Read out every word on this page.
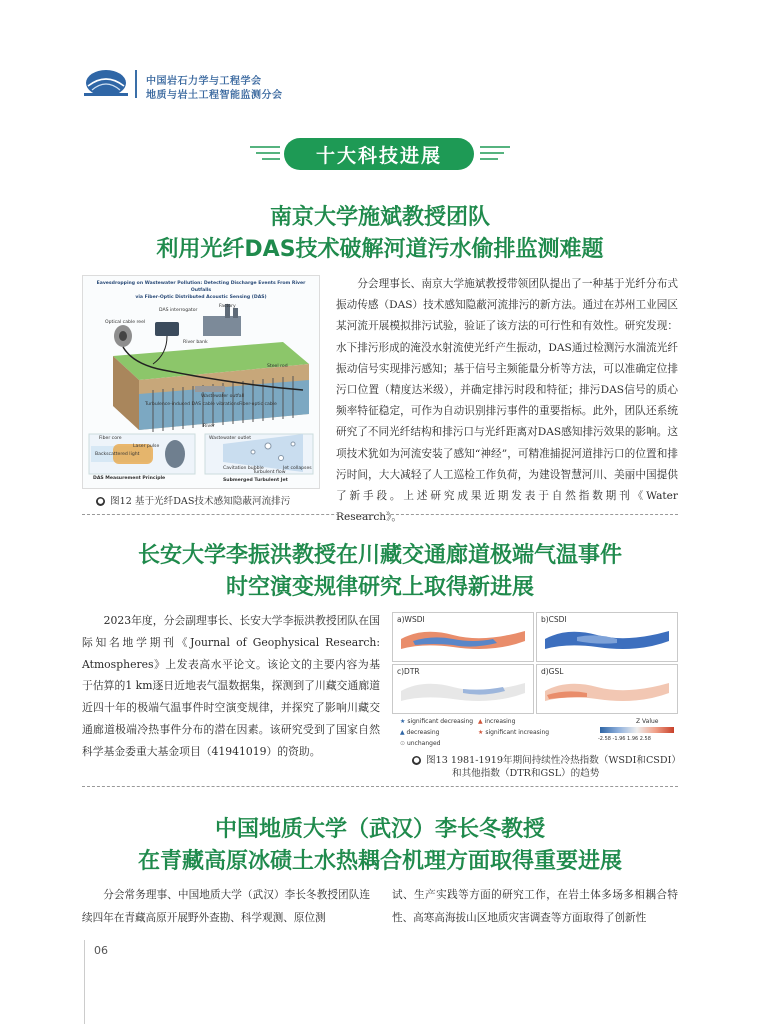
中国岩石力学与工程学会
地质与岩土工程智能监测分会
十大科技进展
南京大学施斌教授团队
利用光纤DAS技术破解河道污水偷排监测难题
Eavesdropping on Wastewater Pollution: Detecting Discharge Events From River Outfalls
via Fiber-Optic Distributed Acoustic Sensing (DAS)
Optical cable reel
DAS interrogator
Factory
River bank
Steel rod
Wastewater outfall
Turbulence-induced DAS cable vibrations Fiber-optic cable
River
Fiber core
Backscattered light
Laser pulse
Wastewater outlet
Cavitation bubble
Turbulent flow
Jet collapses
DAS Measurement Principle	Submerged Turbulent Jet
● 图12 基于光纤DAS技术感知隐蔽河流排污
分会理事长、南京大学施斌教授带领团队提出了一种基于光纤分布式振动传感（DAS）技术感知隐蔽河流排污的新方法。通过在苏州工业园区某河流开展模拟排污试验，验证了该方法的可行性和有效性。研究发现：水下排污形成的淹没水射流使光纤产生振动，DAS通过检测污水湍流光纤振动信号实现排污感知；基于信号主频能量分析等方法，可以准确定位排污口位置（精度达米级），并确定排污时段和特征；排污DAS信号的质心频率特征稳定，可作为自动识别排污事件的重要指标。此外，团队还系统研究了不同光纤结构和排污口与光纤距离对DAS感知排污效果的影响。这项技术犹如为河流安装了感知“神经”，可精准捕捉河道排污口的位置和排污时间，大大减轻了人工巡检工作负荷，为建设智慧河川、美丽中国提供了新手段。上述研究成果近期发表于自然指数期刊《Water Research》。
长安大学李振洪教授在川藏交通廊道极端气温事件
时空演变规律研究上取得新进展
2023年度，分会副理事长、长安大学李振洪教授团队在国际知名地学期刊《Journal of Geophysical Research: Atmospheres》上发表高水平论文。该论文的主要内容为基于估算的1 km逐日近地表气温数据集，探测到了川藏交通廊道近四十年的极端气温事件时空演变规律，并探究了影响川藏交通廊道极端冷热事件分布的潜在因素。该研究受到了国家自然科学基金委重大基金项目（41941019）的资助。
a)WSDI	b)CSDI
c)DTR	d)GSL
★ significant decreasing
▲ decreasing
⊙ unchanged
▲ increasing
★ significant increasing
Z Value
-2.58 -1.96 1.96 2.58
● 图13 1981-1919年期间持续性冷热指数（WSDI和CSDI）
和其他指数（DTR和GSL）的趋势
中国地质大学（武汉）李长冬教授
在青藏高原冰碛土水热耦合机理方面取得重要进展
分会常务理事、中国地质大学（武汉）李长冬教授团队连续四年在青藏高原开展野外查勘、科学观测、原位测
试、生产实践等方面的研究工作，在岩土体多场多相耦合特性、高寒高海拔山区地质灾害调查等方面取得了创新性
06
